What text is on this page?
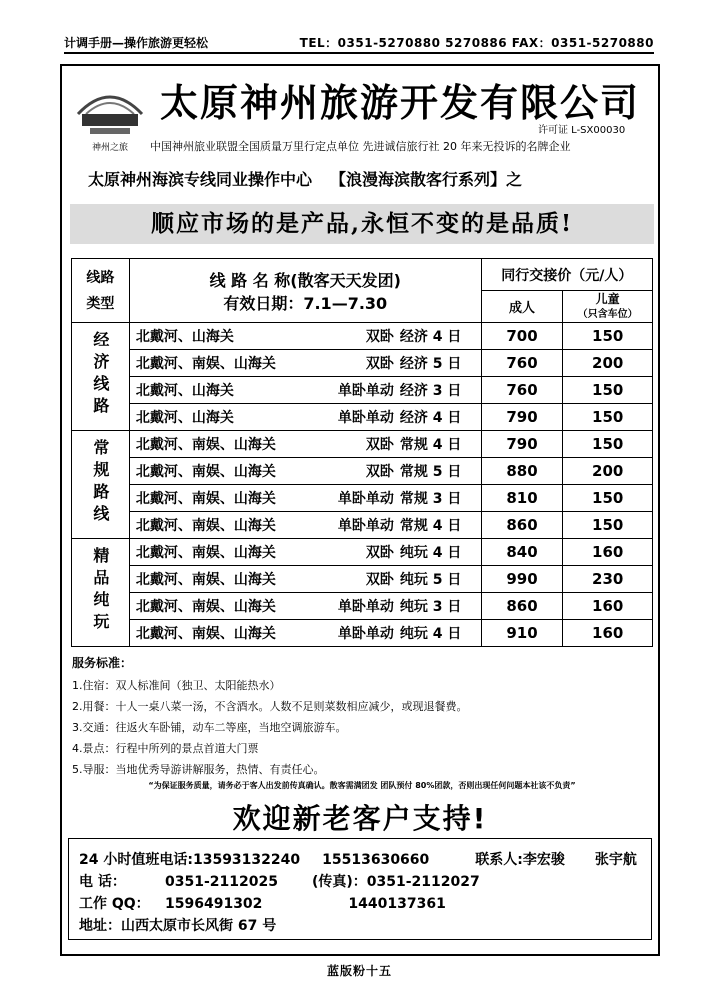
计调手册—操作旅游更轻松	TEL：0351-5270880 5270886 FAX：0351-5270880
神州之旅
太原神州旅游开发有限公司
许可证 L-SX00030
中国神州旅业联盟全国质量万里行定点单位 先进诚信旅行社 20 年来无投诉的名牌企业
太原神州海滨专线同业操作中心 【浪漫海滨散客行系列】之
顺应市场的是产品,永恒不变的是品质!
线路类型	线 路 名 称(散客天天发团)
有效日期：7.1—7.30	同行交接价（元/人）	
		成人	儿童
（只含车位）

经济线路	北戴河、山海关 双卧 经济 4 日	700	150
	北戴河、南娱、山海关 双卧 经济 5 日	760	200
	北戴河、山海关 单卧单动 经济 3 日	760	150
	北戴河、山海关 单卧单动 经济 4 日	790	150
常规路线	北戴河、南娱、山海关 双卧 常规 4 日	790	150
	北戴河、南娱、山海关 双卧 常规 5 日	880	200
	北戴河、南娱、山海关 单卧单动 常规 3 日	810	150
	北戴河、南娱、山海关 单卧单动 常规 4 日	860	150
精品纯玩	北戴河、南娱、山海关 双卧 纯玩 4 日	840	160
	北戴河、南娱、山海关 双卧 纯玩 5 日	990	230
	北戴河、南娱、山海关 单卧单动 纯玩 3 日	860	160
	北戴河、南娱、山海关 单卧单动 纯玩 4 日	910	160
服务标准：
1.住宿：双人标准间（独卫、太阳能热水）
2.用餐：十人一桌八菜一汤，不含酒水。人数不足则菜数相应减少，或现退餐费。
3.交通：往返火车卧铺，动车二等座，当地空调旅游车。
4.景点：行程中所列的景点首道大门票
5.导服：当地优秀导游讲解服务，热情、有责任心。
“为保证服务质量，请务必于客人出发前传真确认。散客需满团发 团队预付 80%团款，否则出现任何问题本社该不负责”
欢迎新老客户支持!
24 小时值班电话:13593132240 15513630660	联系人:李宏骏 张宇航
电 话：	0351-2112025 (传真)：0351-2112027
工作 QQ： 1596491302	1440137361
地址：山西太原市长风街 67 号
蓝版粉十五
